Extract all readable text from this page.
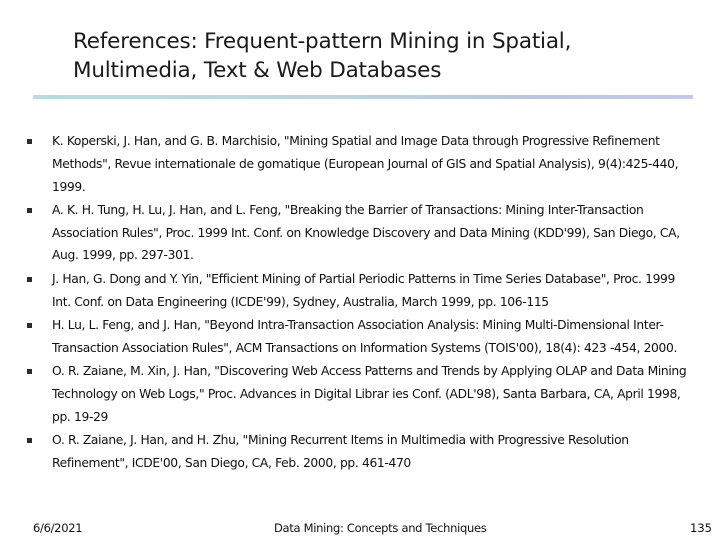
References: Frequent-pattern Mining in Spatial,
Multimedia, Text & Web Databases
K. Koperski, J. Han, and G. B. Marchisio, "Mining Spatial and Image Data through Progressive Refinement Methods", Revue internationale de gomatique (European Journal of GIS and Spatial Analysis), 9(4):425-440, 1999.
A. K. H. Tung, H. Lu, J. Han, and L. Feng, "Breaking the Barrier of Transactions: Mining Inter-Transaction Association Rules", Proc. 1999 Int. Conf. on Knowledge Discovery and Data Mining (KDD'99), San Diego, CA, Aug. 1999, pp. 297-301.
J. Han, G. Dong and Y. Yin, "Efficient Mining of Partial Periodic Patterns in Time Series Database", Proc. 1999 Int. Conf. on Data Engineering (ICDE'99), Sydney, Australia, March 1999, pp. 106-115
H. Lu, L. Feng, and J. Han, "Beyond Intra-Transaction Association Analysis: Mining Multi-Dimensional Inter-Transaction Association Rules", ACM Transactions on Information Systems (TOIS'00), 18(4): 423 -454, 2000.
O. R. Zaiane, M. Xin, J. Han, "Discovering Web Access Patterns and Trends by Applying OLAP and Data Mining Technology on Web Logs," Proc. Advances in Digital Librar ies Conf. (ADL'98), Santa Barbara, CA, April 1998, pp. 19-29
O. R. Zaiane, J. Han, and H. Zhu, "Mining Recurrent Items in Multimedia with Progressive Resolution Refinement", ICDE'00, San Diego, CA, Feb. 2000, pp. 461-470
6/6/2021	Data Mining: Concepts and Techniques	135
